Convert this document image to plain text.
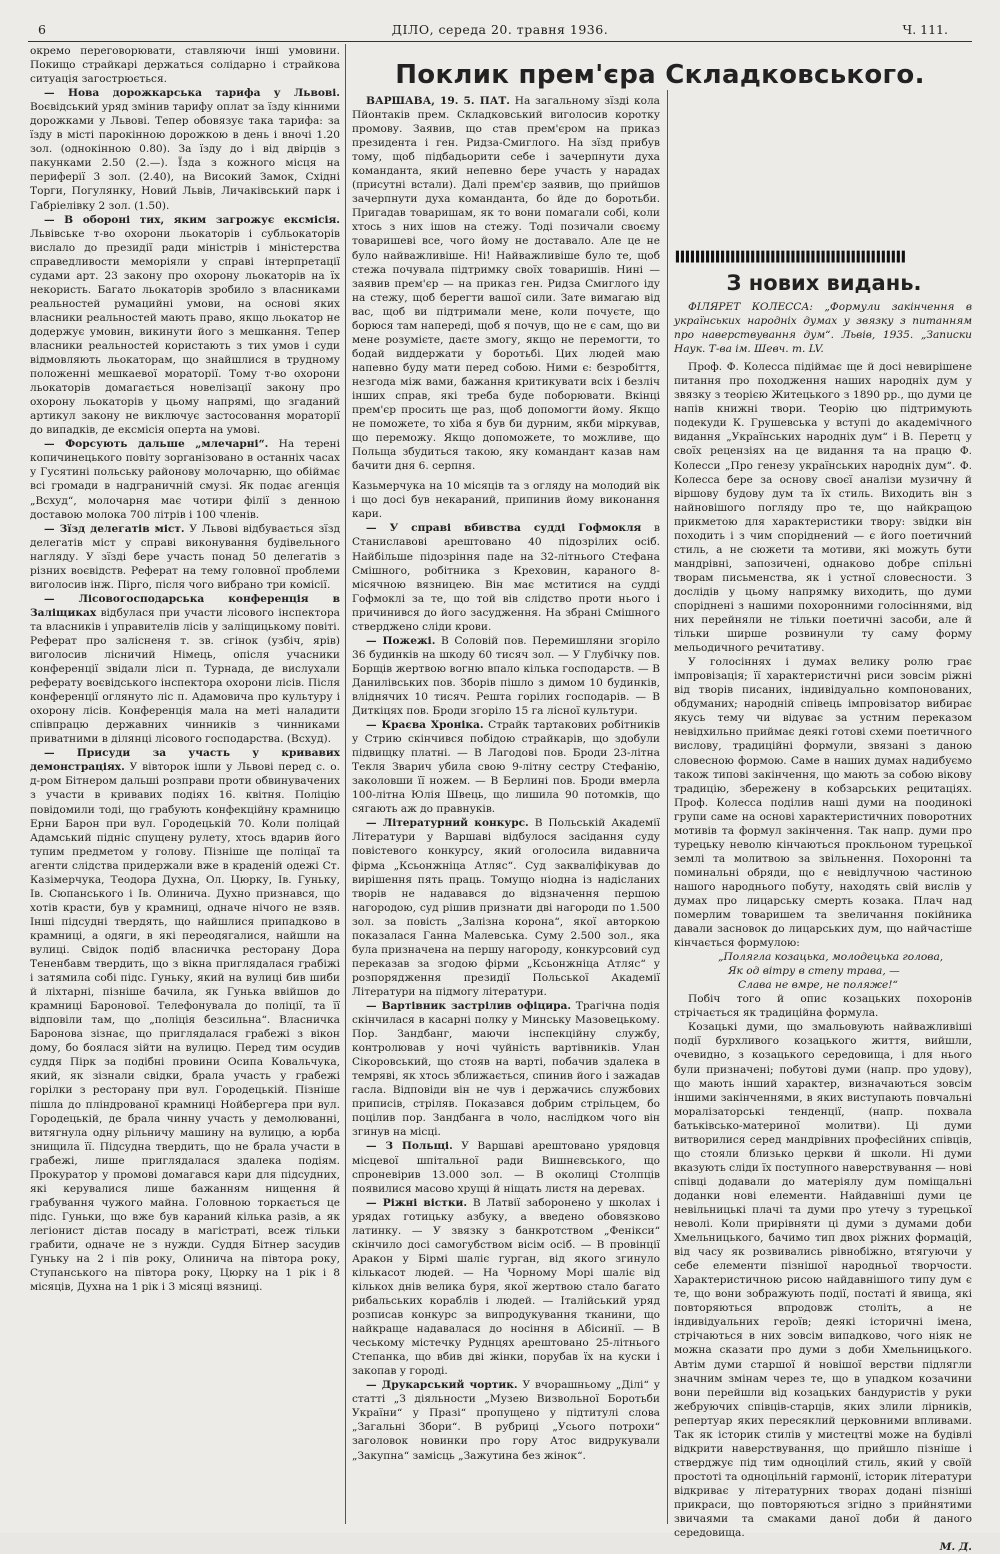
6	ДІЛО, середа 20. травня 1936.	Ч. 111.

окремо переговорювати, ставляючи інші умовини. Покищо страйкарі держаться солідарно і страйкова ситуація загострюється.

— Нова дорожкарська тарифа у Львові. Воєвідський уряд змінив тарифу оплат за їзду кінними дорожками у Львові. Тепер обовязує така тарифа: за їзду в місті парокінною дорожкою в день і вночі 1.20 зол. (однокінною 0.80). За їзду до і від двірців з пакунками 2.50 (2.—). Їзда з кожного місця на периферії 3 зол. (2.40), на Високий Замок, Східні Торги, Погулянку, Новий Львів, Личаківський парк і Габріелівку 2 зол. (1.50).

— В обороні тих, яким загрожує ексмісія. Львівське т-во охорони льокаторів і субльокаторів вислало до президії ради міністрів і міністерства справедливости меморіяли у справі інтерпретації судами арт. 23 закону про охорону льокаторів на їх некористь. Багато льокаторів зробило з власниками реальностей румацийні умови, на основі яких власники реальностей мають право, якщо льокатор не додержує умовин, викинути його з мешкання. Тепер власники реальностей користають з тих умов і суди відмовляють льокаторам, що знайшлися в трудному положенні мешкаевої мораторії. Тому т-во охорони льокаторів домагається новелізації закону про охорону льокаторів у цьому напрямі, що згаданий артикул закону не виключує застосовання мораторії до випадків, де ексмісія оперта на умові.

— Форсують дальше „млечарні“. На терені копичинецького повіту зорганізовано в останніх часах у Гусятині польську районову молочарню, що обіймає всі громади в надграничній смузі. Як подає агенція „Всхуд“, молочарня має чотири філії з денною доставою молока 700 літрів і 100 членів.

— Зїзд делегатів міст. У Львові відбувається зїзд делегатів міст у справі виконування будівельного нагляду. У зїзді бере участь понад 50 делегатів з різних воєвідств. Реферат на тему головної проблеми виголосив інж. Пірго, після чого вибрано три комісії.

— Лісовогосподарська конференція в Заліщиках відбулася при участи лісового інспектора та власників і управителів лісів у заліщицькому повіті. Реферат про залісненя т. зв. сгінок (узбіч, ярів) виголосив лісничий Німець, опісля учасники конференції звідали ліси п. Турнада, де вислухали реферату воєвідського інспектора охорони лісів. Після конференції оглянуто ліс п. Адамовича про культуру і охорону лісів. Конференція мала на меті наладити співпрацю державних чинників з чинниками приватними в ділянці лісового господарства. (Всхуд).

— Присуди за участь у кривавих демонстраціях. У вівторок ішли у Львові перед с. о. д-ром Бітнером дальші розправи проти обвинувачених з участи в кривавих подіях 16. квітня. Поліцію повідомили тоді, що грабують конфекційну крамницю Ерни Барон при вул. Городецькій 70. Коли поліцай Адамський підніс спущену рулету, хтось вдарив його тупим предметом у голову. Пізніше ще поліцаї та агенти слідства придержали вже в краденій одежі Ст. Казімерчука, Теодора Духна, Ол. Цюрку, Ів. Гуньку, Ів. Сюпанського і Ів. Олинича. Духно признався, що хотів красти, був у крамниці, одначе нічого не взяв. Інші підсудні твердять, що найшлися припадково в крамниці, а одяги, в які переодягалися, найшли на вулиці. Свідок подіб власничка ресторану Дора Тененбавм твердить, що з вікна приглядалася грабіжі і затямила собі підс. Гуньку, який на вулиці бив шиби й ліхтарні, пізніше бачила, як Гунька ввійшов до крамниці Баронової. Телефонувала до поліції, та її відповіли там, що „поліція безсильна“. Власничка Баронова зізнає, що приглядалася грабежі з вікон дому, бо боялася зійти на вулицю. Перед тим осудив суддя Пірк за подібні провини Осипа Ковальчука, який, як зізнали свідки, брала участь у грабежі горілки з ресторану при вул. Городецькій. Пізніше пішла до пліндрованої крамниці Нойбергера при вул. Городецькій, де брала чинну участь у демолюванні, витягнула одну рільничу машину на вулицю, а юрба знищила її. Підсудна твердить, що не брала участи в грабежі, лише приглядалася здалека подіям. Прокуратор у промові домагався кари для підсудних, які керувалися лише бажанням нищення й грабування чужого майна. Головною торкається це підс. Гуньки, що вже був караний кілька разів, а як легіонист дістав посаду в магістраті, всеж тільки грабити, одначе не з нужди. Суддя Бітнер засудив Гуньку на 2 і пів року, Олинича на півтора року, Ступанського на півтора року, Цюрку на 1 рік і 8 місяців, Духна на 1 рік і 3 місяці вязниці.

Поклик прем'єра Складковського.

ВАРШАВА, 19. 5. ПАТ. На загальному зїзді кола Пйонтаків прем. Складковський виголосив коротку промову. Заявив, що став прем'єром на приказ президента і ген. Ридза-Смиглого. На зїзд прибув тому, щоб підбадьорити себе і зачерпнути духа команданта, який непевно бере участь у нарадах (присутні встали). Далі прем'єр заявив, що прийшов зачерпнути духа команданта, бо йде до боротьби. Пригадав товаришам, як то вони помагали собі, коли хтось з них ішов на стежу. Тоді позичали своєму товаришеві все, чого йому не доставало. Але це не було найважливіше. Ні! Найважливіше було те, щоб стежа почувала підтримку своїх товаришів. Нині — заявив прем'єр — на приказ ген. Ридза Смиглого іду на стежу, щоб берегти вашої сили. Зате вимагаю від вас, щоб ви підтримали мене, коли почуєте, що борюся там напереді, щоб я почув, що не є сам, що ви мене розумієте, даєте змогу, якщо не перемогти, то бодай виддержати у боротьбі. Цих людей маю напевно буду мати перед собою. Ними є: безробіття, незгода між вами, бажання критикувати всіх і безліч інших справ, які треба буде поборювати. Вкінці прем'єр просить ще раз, щоб допомогти йому. Якщо не поможете, то хіба я був би дурним, якби міркував, що переможу. Якщо допоможете, то можливе, що Польща збудиться такою, яку командант казав нам бачити дня 6. серпня.

Казьмерчука на 10 місяців та з огляду на молодий вік і що досі був некараний, припинив йому виконання кари.

— У справі вбивства судді Гофмокля в Станиславові арештовано 40 підозрілих осіб. Найбільше підозріння паде на 32-літнього Стефана Смішного, робітника з Креховин, караного 8-місячною вязницею. Він має мститися на судді Гофмоклі за те, що той вів слідство проти нього і причинився до його засудження. На збрані Смішного стверджено сліди крови.

— Пожежі. В Соловій пов. Перемишляни згоріло 36 будинків на шкоду 60 тисяч зол. — У Глубічку пов. Борщів жертвою вогню впало кілька господарств. — В Данилівських пов. Зборів пішло з димом 10 будинків, вліднячих 10 тисяч. Решта горілих господарів. — В Диткіцях пов. Броди згоріло 15 га лісної культури.

— Краєва Хроніка. Страйк тартакових робітників у Стрию скінчився побідою страйкарів, що здобули підвищку платні. — В Лагодові пов. Броди 23-літна Текля Зварич убила свою 9-літну сестру Стефанію, заколовши її ножем. — В Берлині пов. Броди вмерла 100-літна Юлія Швець, що лишила 90 потомків, що сягають аж до правнуків.

— Літературний конкурс. В Польській Академії Літератури у Варшаві відбулося засідання суду повістевого конкурсу, який оголосила видавнича фірма „Ксьонжніца Атляс“. Суд закваліфікував до вирішення пять праць. Томущо ніодна із надісланих творів не надавався до відзначення першою нагородою, суд рішив признати дві нагороди по 1.500 зол. за повість „Залізна корона“, якої авторкою показалася Ганна Малевська. Суму 2.500 зол., яка була призначена на першу нагороду, конкурсовий суд переказав за згодою фірми „Ксьонжніца Атляс“ у розпорядження президії Польської Академії Літератури на підмогу літератури.

— Вартівник застрілив офіцира. Трагічна подія скінчилася в касарні полку у Минську Мазовецькому. Пор. Зандбанг, маючи інспекційну службу, контролював у ночі чуйність вартівників. Улан Сікоровський, що стояв на варті, побачив здалека в темряві, як хтось зближається, спинив його і зажадав гасла. Відповіди він не чув і держачись службових приписів, стріляв. Показався добрим стрільцем, бо поцілив пор. Зандбанга в чоло, наслідком чого він згинув на місці.

— З Польщі. У Варшаві арештовано урядовця місцевої шпітальної ради Вишнєвського, що спроневірив 13.000 зол. — В околиці Столпців появилися масово хрущі й ніщать листя на деревах.

— Ріжні вістки. В Латвії заборонено у школах і урядах готицьку азбуку, а введено обовязково латинку. — У звязку з банкротством „Фенікси“ скінчило досі самогубством вісім осіб. — В провінції Аракон у Бірмі шаліє гурган, від якого згинуло кількасот людей. — На Чорному Морі шаліє від кількох днів велика буря, якої жертвою стало багато рибальських кораблів і людей. — Італійський уряд розписав конкурс за випродукування тканини, що найкраще надавалася до носіння в Абісинії. — В чеському містечку Руднцях арештовано 25-літнього Степанка, що вбив дві жінки, порубав їх на куски і закопав у городі.

— Друкарський чортик. У вчорашньому „Ділі“ у статті „З діяльности „Музею Визвольної Боротьби України“ у Празі“ пропущено у підтитулі слова „Загальні Збори“. В рубриці „Усього потрохи“ заголовок новинки про гору Атос видрукували „Закупна“ замісць „Зажутина без жінок“.

▌▌▌▌▌▌▌▌▌▌▌▌▌▌▌▌▌▌▌▌▌▌▌▌▌▌▌▌▌▌▌▌▌▌▌▌▌▌▌▌▌▌▌▌▌▌
З нових видань.

ФІЛЯРЕТ КОЛЕССА: „Формули закінчення в українських народніх думах у звязку з питанням про наверствування дум“. Львів, 1935. „Записки Наук. Т-ва ім. Шевч. т. LV.

Проф. Ф. Колесса підіймає ще й досі невирішене питання про походження наших народніх дум у звязку з теорією Житецького з 1890 рр., що думи це напів книжні твори. Теорію цю підтримують подекуди К. Грушевська у вступі до академічного видання „Українських народніх дум“ і В. Перетц у своїх рецензіях на це видання та на працю Ф. Колесси „Про генезу українських народніх дум“. Ф. Колесса бере за основу своєї аналізи музичну й віршову будову дум та їх стиль. Виходить він з найновішого погляду про те, що найкращою прикметою для характеристики твору: звідки він походить і з чим споріднений — є його поетичний стиль, а не сюжети та мотиви, які можуть бути мандрівні, запозичені, однаково добре спільні творам письменства, як і устної словесности. З дослідів у цьому напрямку виходить, що думи споріднені з нашими похоронними голосіннями, від них перейняли не тільки поетичні засоби, але й тільки ширше розвинули ту саму форму мельодичного речитативу.

У голосіннях і думах велику ролю грає імпровізація; її характеристичні риси зовсім ріжні від творів писаних, індивідуально компонованих, обдуманих; народній співець імпровізатор вибирає якусь тему чи відуває за устним переказом невідхильно приймає деякі готові схеми поетичного вислову, традиційні формули, звязані з даною словесною формою. Саме в наших думах надибуємо також типові закінчення, що мають за собою вікову традицію, збережену в кобзарських рецитаціях. Проф. Колесса поділив наші думи на поодинокі групи саме на основі характеристичних поворотних мотивів та формул закінчення. Так напр. думи про турецьку неволю кінчаються прокльоном турецької землі та молитвою за звільнення. Похоронні та поминальні обряди, що є невідлучною частиною нашого народнього побуту, находять свій вислів у думах про лицарську смерть козака. Плач над померлим товаришем та звеличання покійника давали засновок до лицарських дум, що найчастіше кінчається формулою:

„Полягла козацька, молодецька голова,

Як од вітру в степу трава, —

Слава не вмре, не поляже!“

Побіч того й опис козацьких похоронів стрічається як традиційна формула.

Козацькі думи, що змальовують найважливіші події бурхливого козацького життя, вийшли, очевидно, з козацького середовища, і для нього були призначені; побутові думи (напр. про удову), що мають інший характер, визначаються зовсім іншими закінченнями, в яких виступають повчальні моралізаторські тенденції, (напр. похвала батьківсько-материної молитви). Ці думи витворилися серед мандрівних професійних співців, що стояли близько церкви й школи. Ні думи вказують сліди їх поступного наверствування — нові співці додавали до матеріялу дум поміщальні доданки нові елементи. Найдавніші думи це невільницькі плачі та думи про утечу з турецької неволі. Коли прирівняти ці думи з думами доби Хмельницького, бачимо тип двох ріжних формацій, від часу як розвивались рівнобіжно, втягуючи у себе елементи пізнішої народньої творчости. Характеристичною рисою найдавнішого типу дум є те, що вони зображують події, постаті й явища, які повторяються впродовж століть, а не індивідуальних героїв; деякі історичні імена, стрічаються в них зовсім випадково, чого ніяк не можна сказати про думи з доби Хмельницького. Автім думи старшої й новішої верстви підлягли значним змінам через те, що в упадком козачини вони перейшли від козацьких бандуристів у руки жебруючих співців-старців, яких злили лірників, репертуар яких пересяклий церковними впливами. Так як історик стилів у мистецтві може на будівлі відкрити наверствування, що прийшло пізніше і стверджує під тим одноцілий стиль, який у своїй простоті та одноцільній гармонії, історик літератури відкриває у літературних творах додані пізніші прикраси, що повторяються згідно з прийнятими звичаями та смаками даної доби й даного середовища.

М. Д.
